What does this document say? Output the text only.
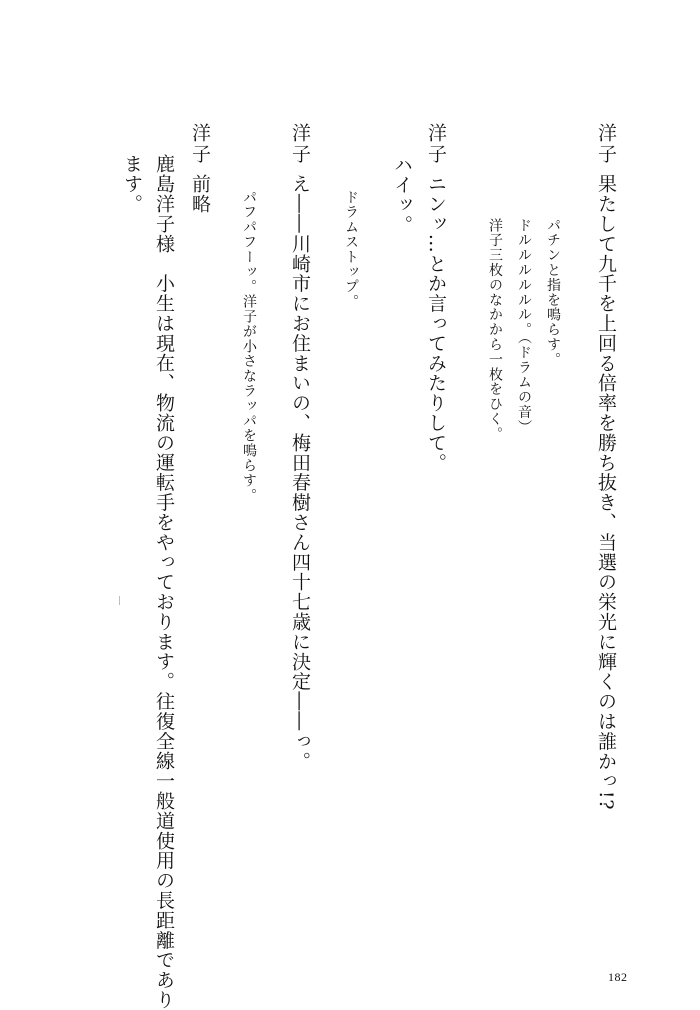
洋子
果たして九千を上回る倍率を勝ち抜き、当選の栄光に輝くのは誰かっ!?
パチンと指を鳴らす。
ドルルルルルル。（ドラムの音）
洋子三枚のなかから一枚をひく。
洋子
ニンッ…とか言ってみたりして。
ハイッ。
ドラムストップ。
洋子
え――川崎市にお住まいの、梅田春樹さん四十七歳に決定――っ。
パフパフーッ。洋子が小さなラッパを鳴らす。
洋子
前略
鹿島洋子様　小生は現在、物流の運転手をやっております。往復全線一般道使用の長距離であり
ます。
182
